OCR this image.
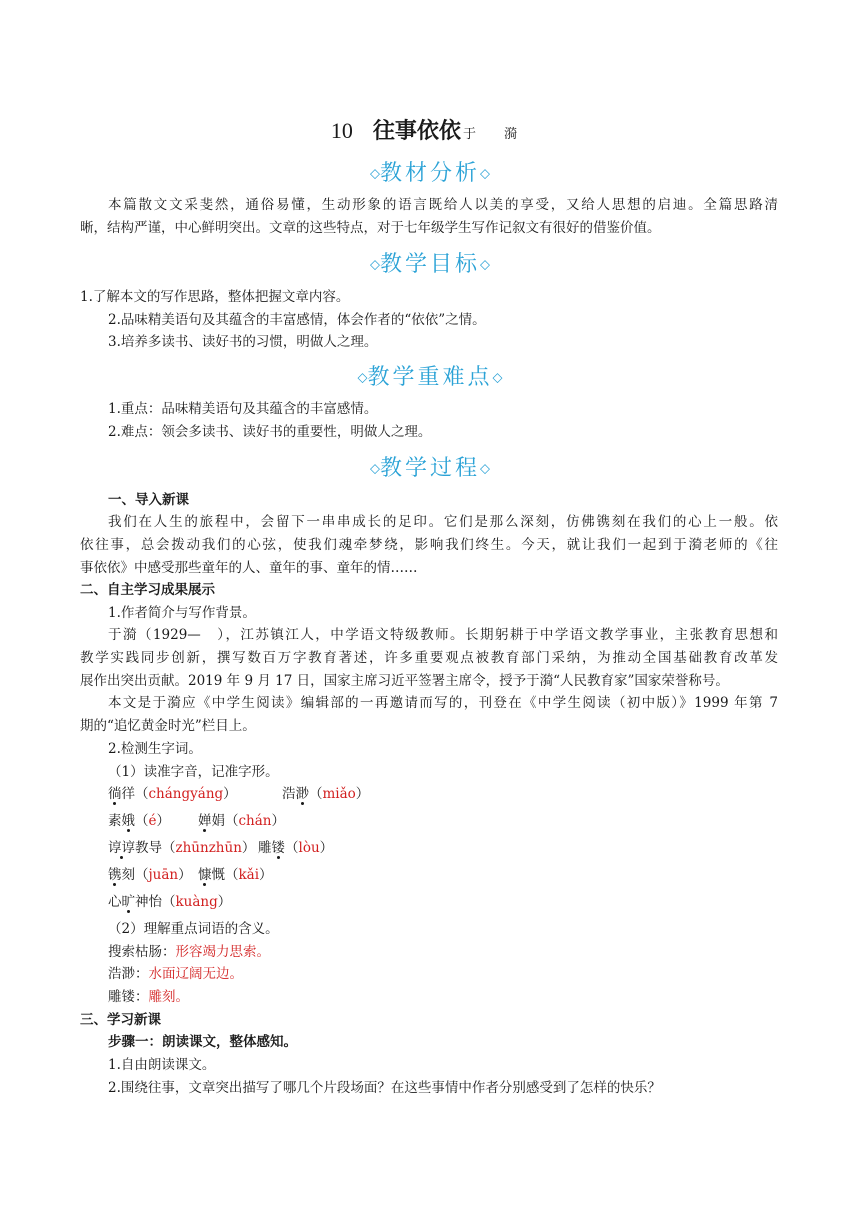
10 往事依依 于 漪
◇教材分析◇
本篇散文文采斐然，通俗易懂，生动形象的语言既给人以美的享受，又给人思想的启迪。全篇思路清
晰，结构严谨，中心鲜明突出。文章的这些特点，对于七年级学生写作记叙文有很好的借鉴价值。
◇教学目标◇
1.了解本文的写作思路，整体把握文章内容。
2.品味精美语句及其蕴含的丰富感情，体会作者的“依依”之情。
3.培养多读书、读好书的习惯，明做人之理。
◇教学重难点◇
1.重点：品味精美语句及其蕴含的丰富感情。
2.难点：领会多读书、读好书的重要性，明做人之理。
◇教学过程◇
一、导入新课
我们在人生的旅程中，会留下一串串成长的足印。它们是那么深刻，仿佛镌刻在我们的心上一般。依
依往事，总会拨动我们的心弦，使我们魂牵梦绕，影响我们终生。今天，就让我们一起到于漪老师的《往
事依依》中感受那些童年的人、童年的事、童年的情……
二、自主学习成果展示
1.作者简介与写作背景。
于漪（1929—　），江苏镇江人，中学语文特级教师。长期躬耕于中学语文教学事业，主张教育思想和
教学实践同步创新，撰写数百万字教育著述，许多重要观点被教育部门采纳，为推动全国基础教育改革发
展作出突出贡献。2019 年 9 月 17 日，国家主席习近平签署主席令，授予于漪“人民教育家”国家荣誉称号。
本文是于漪应《中学生阅读》编辑部的一再邀请而写的，刊登在《中学生阅读（初中版）》1999 年第 7
期的“追忆黄金时光”栏目上。
2.检测生字词。
（1）读准字音，记准字形。
徜徉（chángyáng）	浩渺（miǎo）
素娥（é） 婵娟（chán）
谆谆教导（zhūnzhūn） 雕镂（lòu）
镌刻（juān） 慷慨（kǎi）
心旷神怡（kuàng）
（2）理解重点词语的含义。
搜索枯肠：形容竭力思索。
浩渺：水面辽阔无边。
雕镂：雕刻。
三、学习新课
步骤一：朗读课文，整体感知。
1.自由朗读课文。
2.围绕往事，文章突出描写了哪几个片段场面？在这些事情中作者分别感受到了怎样的快乐？
